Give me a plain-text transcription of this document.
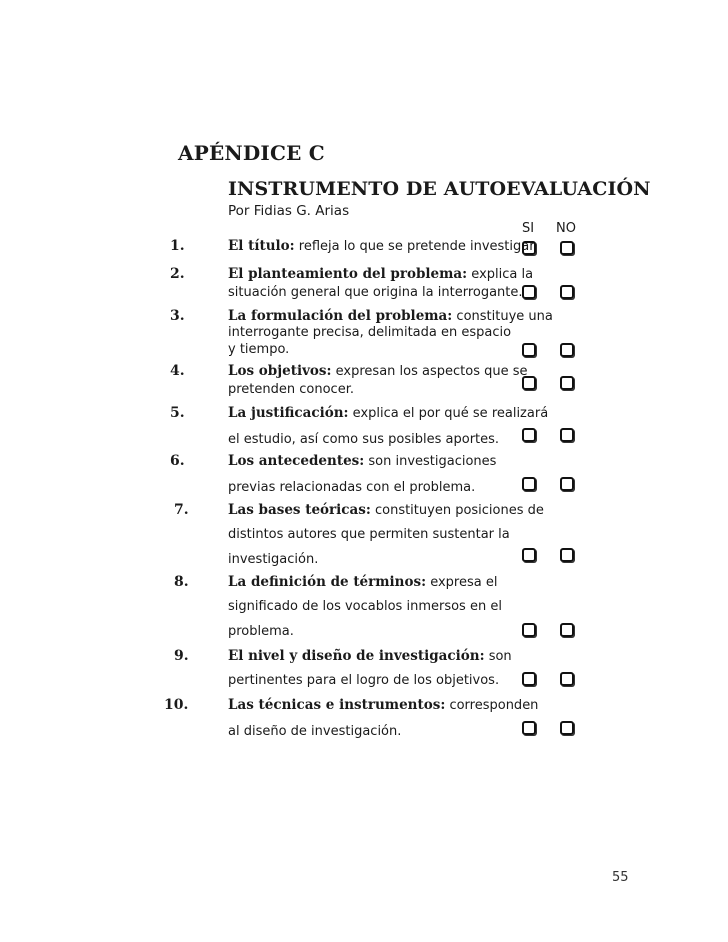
APÉNDICE C
INSTRUMENTO DE AUTOEVALUACIÓN

Por Fidias G. Arias

SI NO
1.	El título: refleja lo que se pretende investigar.
2.	El planteamiento del problema: explica la
situación general que origina la interrogante.
3.	La formulación del problema: constituye una
interrogante precisa, delimitada en espacio
y tiempo.
4.	Los objetivos: expresan los aspectos que se
pretenden conocer.
5.	La justificación: explica el por qué se realizará
el estudio, así como sus posibles aportes.
6.	Los antecedentes: son investigaciones
previas relacionadas con el problema.
7.	Las bases teóricas: constituyen posiciones de
distintos autores que permiten sustentar la
investigación.
8.	La definición de términos: expresa el
significado de los vocablos inmersos en el
problema.
9.	El nivel y diseño de investigación: son
pertinentes para el logro de los objetivos.
10.	Las técnicas e instrumentos: corresponden
al diseño de investigación.
55
